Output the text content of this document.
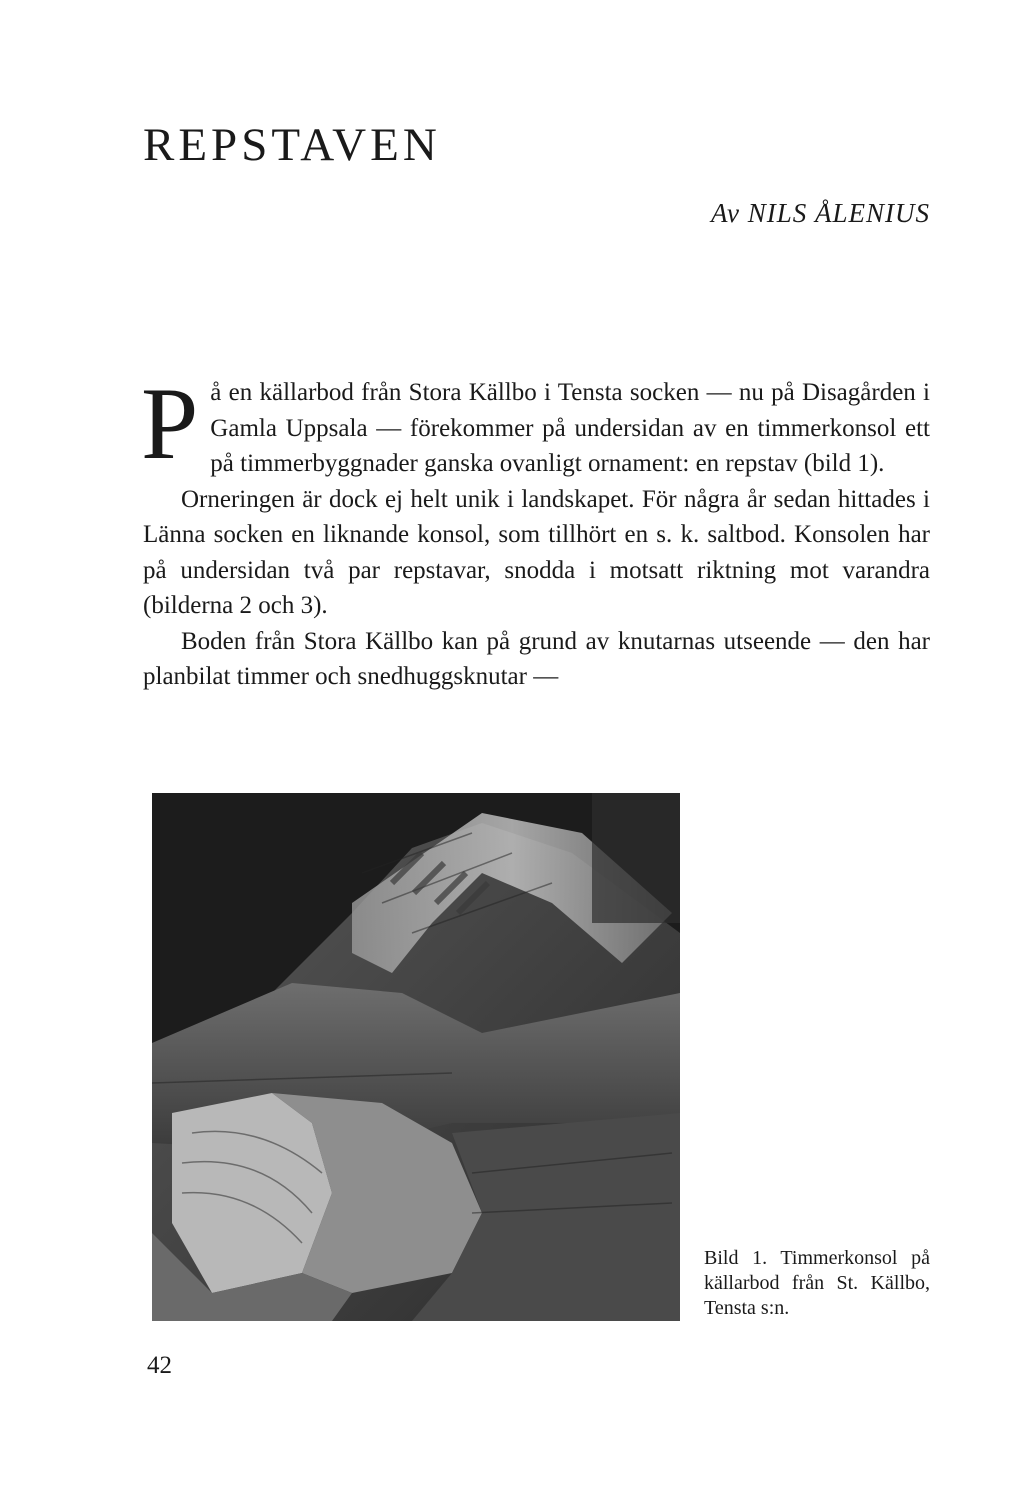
REPSTAVEN
Av NILS ÅLENIUS

På en källarbod från Stora Källbo i Tensta socken — nu på Disagården i Gamla Uppsala — förekommer på undersidan av en timmerkonsol ett på timmerbyggnader ganska ovanligt ornament: en repstav (bild 1).

Orneringen är dock ej helt unik i landskapet. För några år sedan hittades i Länna socken en liknande konsol, som tillhört en s. k. saltbod. Konsolen har på undersidan två par repstavar, snodda i motsatt riktning mot varandra (bilderna 2 och 3).

Boden från Stora Källbo kan på grund av knutarnas utseende — den har planbilat timmer och snedhuggsknutar —

Bild 1. Timmerkonsol på källarbod från St. Källbo, Tensta s:n.

42
